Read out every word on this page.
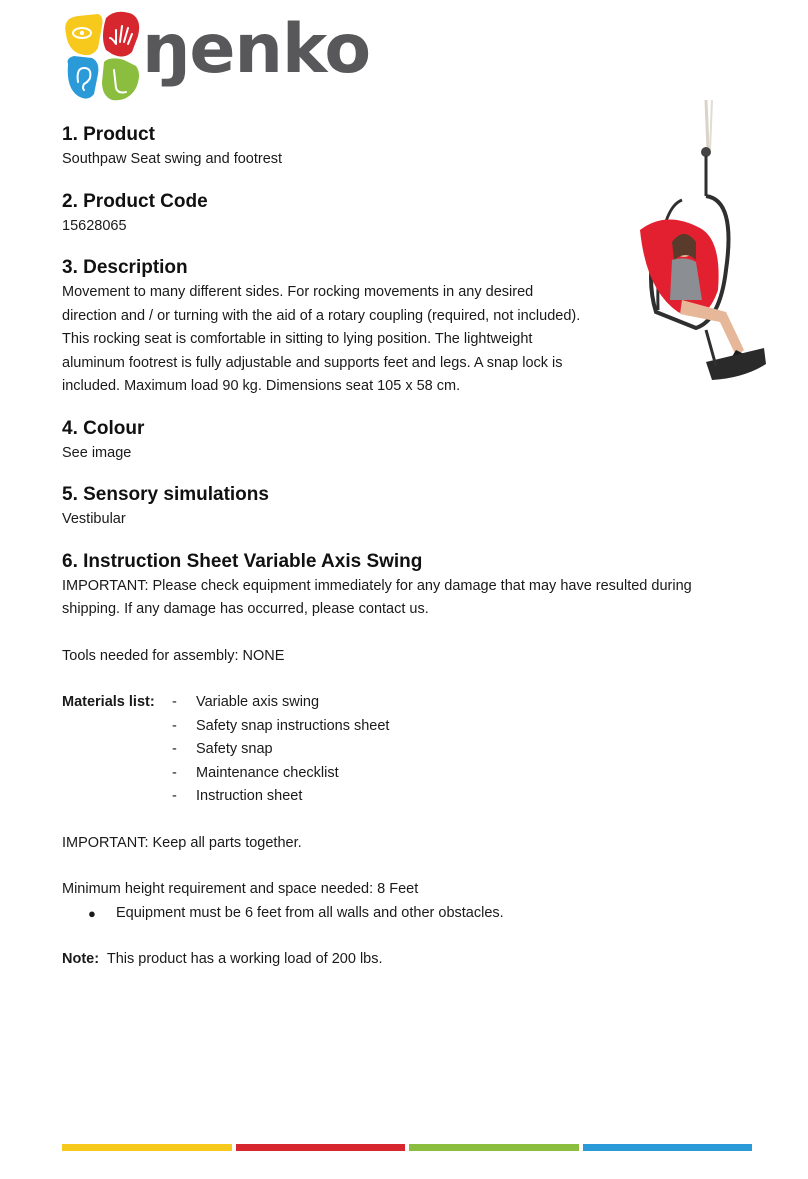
ŋenko
1. Product

Southpaw Seat swing and footrest

2. Product Code

15628065

3. Description

Movement to many different sides. For rocking movements in any desired direction and / or turning with the aid of a rotary coupling (required, not included). This rocking seat is comfortable in sitting to lying position. The lightweight aluminum footrest is fully adjustable and supports feet and legs. A snap lock is included. Maximum load 90 kg. Dimensions seat 105 x 58 cm.

4. Colour

See image

5. Sensory simulations

Vestibular

6. Instruction Sheet Variable Axis Swing

IMPORTANT: Please check equipment immediately for any damage that may have resulted during shipping. If any damage has occurred, please contact us.

Tools needed for assembly: NONE

Materials list:	-	Variable axis swing
-	Safety snap instructions sheet
-	Safety snap
-	Maintenance checklist
-	Instruction sheet

IMPORTANT: Keep all parts together.

Minimum height requirement and space needed: 8 Feet

●	Equipment must be 6 feet from all walls and other obstacles.

Note: This product has a working load of 200 lbs.
